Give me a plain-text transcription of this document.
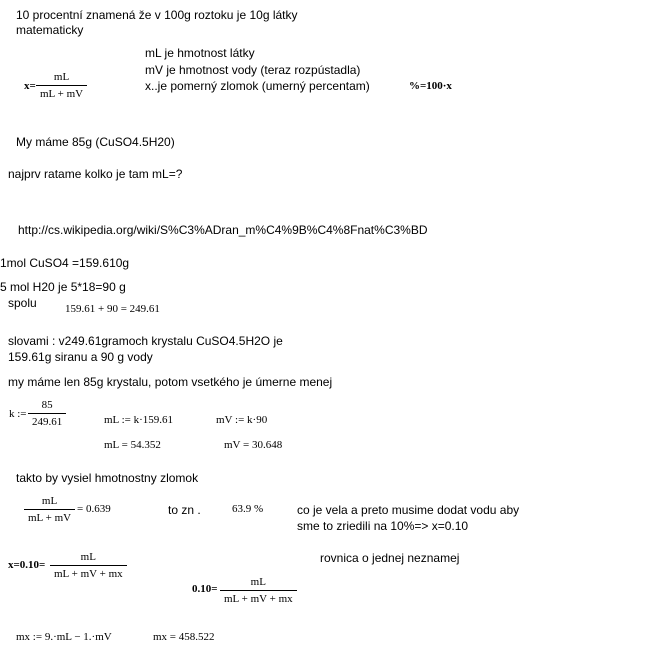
10 procentní znamená že v 100g roztoku je 10g látky
matematicky
mL je hmotnost látky
mV je hmotnost vody (teraz rozpústadla)
x..je pomerný zlomok (umerný percentam)	%=100·x
$x= \frac{mL}{mL + mV}$
My máme 85g (CuSO4.5H20)
najprv ratame kolko je tam mL=?
http://cs.wikipedia.org/wiki/S%C3%ADran_m%C4%9B%C4%8Fnat%C3%BD
1mol CuSO4 =159.610g
5 mol H20 je 5*18=90 g
spolu	159.61 + 90 = 249.61
slovami : v249.61gramoch krystalu CuSO4.5H2O je
159.61g siranu a 90 g vody
my máme len 85g krystalu, potom vsetkého je úmerne menej
k := $\frac{85}{249.61}$	mL := k·159.61	mV := k·90
mL = 54.352	mV = 30.648
takto by vysiel hmotnostny zlomok
$\frac{mL}{mL + mV} = 0.639$	to zn .	63.9 %	co je vela a preto musime dodat vodu aby
sme to zriedili na 10%=> x=0.10
$x=0.10= \frac{mL}{mL + mV + mx}$	rovnica o jednej neznamej
$0.10= \frac{mL}{mL + mV + mx}$
mx := 9.·mL − 1.·mV	mx = 458.522
